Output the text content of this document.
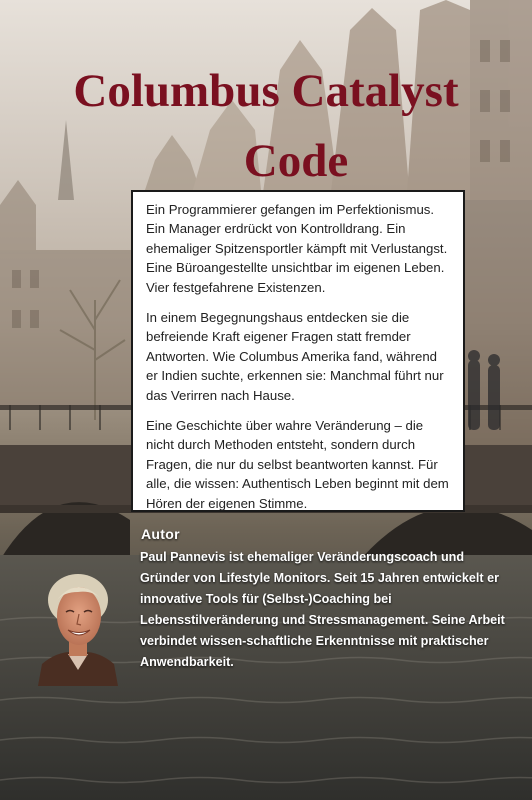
Columbus Catalyst
Code

Ein Programmierer gefangen im Perfektionismus. Ein Manager erdrückt von Kontrolldrang. Ein ehemaliger Spitzensportler kämpft mit Verlustangst. Eine Büroangestellte unsichtbar im eigenen Leben. Vier festgefahrene Existenzen.

In einem Begegnungshaus entdecken sie die befreiende Kraft eigener Fragen statt fremder Antworten. Wie Columbus Amerika fand, während er Indien suchte, erkennen sie: Manchmal führt nur das Verirren nach Hause.

Eine Geschichte über wahre Veränderung – die nicht durch Methoden entsteht, sondern durch Fragen, die nur du selbst beantworten kannst. Für alle, die wissen: Authentisch Leben beginnt mit dem Hören der eigenen Stimme.

Autor

Paul Pannevis ist ehemaliger Veränderungscoach und Gründer von Lifestyle Monitors. Seit 15 Jahren entwickelt er innovative Tools für (Selbst-)Coaching bei Lebensstilveränderung und Stressmanagement. Seine Arbeit verbindet wissen-schaftliche Erkenntnisse mit praktischer Anwendbarkeit.
